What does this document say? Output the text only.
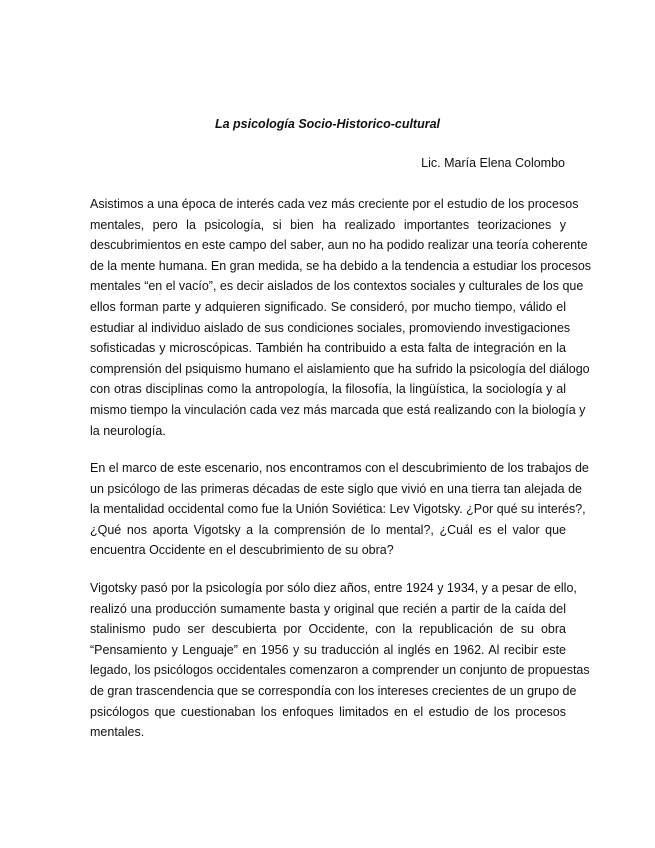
La psicología Socio-Historico-cultural
Lic. María Elena Colombo
Asistimos a una época de interés cada vez más creciente por el estudio de los procesos
mentales, pero la psicología, si bien ha realizado importantes teorizaciones y
descubrimientos en este campo del saber, aun no ha podido realizar una teoría coherente
de la mente humana. En gran medida, se ha debido a la tendencia a estudiar los procesos
mentales “en el vacío”, es decir aislados de los contextos sociales y culturales de los que
ellos forman parte y adquieren significado. Se consideró, por mucho tiempo, válido el
estudiar al individuo aislado de sus condiciones sociales, promoviendo investigaciones
sofisticadas y microscópicas. También ha contribuido a esta falta de integración en la
comprensión del psiquismo humano el aislamiento que ha sufrido la psicología del diálogo
con otras disciplinas como la antropología, la filosofía, la lingüística, la sociología y al
mismo tiempo la vinculación cada vez más marcada que está realizando con la biología y
la neurología.
En el marco de este escenario, nos encontramos con el descubrimiento de los trabajos de
un psicólogo de las primeras décadas de este siglo que vivió en una tierra tan alejada de
la mentalidad occidental como fue la Unión Soviética: Lev Vigotsky. ¿Por qué su interés?,
¿Qué nos aporta Vigotsky a la comprensión de lo mental?, ¿Cuál es el valor que
encuentra Occidente en el descubrimiento de su obra?
Vigotsky pasó por la psicología por sólo diez años, entre 1924 y 1934, y a pesar de ello,
realizó una producción sumamente basta y original que recién a partir de la caída del
stalinismo pudo ser descubierta por Occidente, con la republicación de su obra
“Pensamiento y Lenguaje” en 1956 y su traducción al inglés en 1962. Al recibir este
legado, los psicólogos occidentales comenzaron a comprender un conjunto de propuestas
de gran trascendencia que se correspondía con los intereses crecientes de un grupo de
psicólogos que cuestionaban los enfoques limitados en el estudio de los procesos
mentales.
